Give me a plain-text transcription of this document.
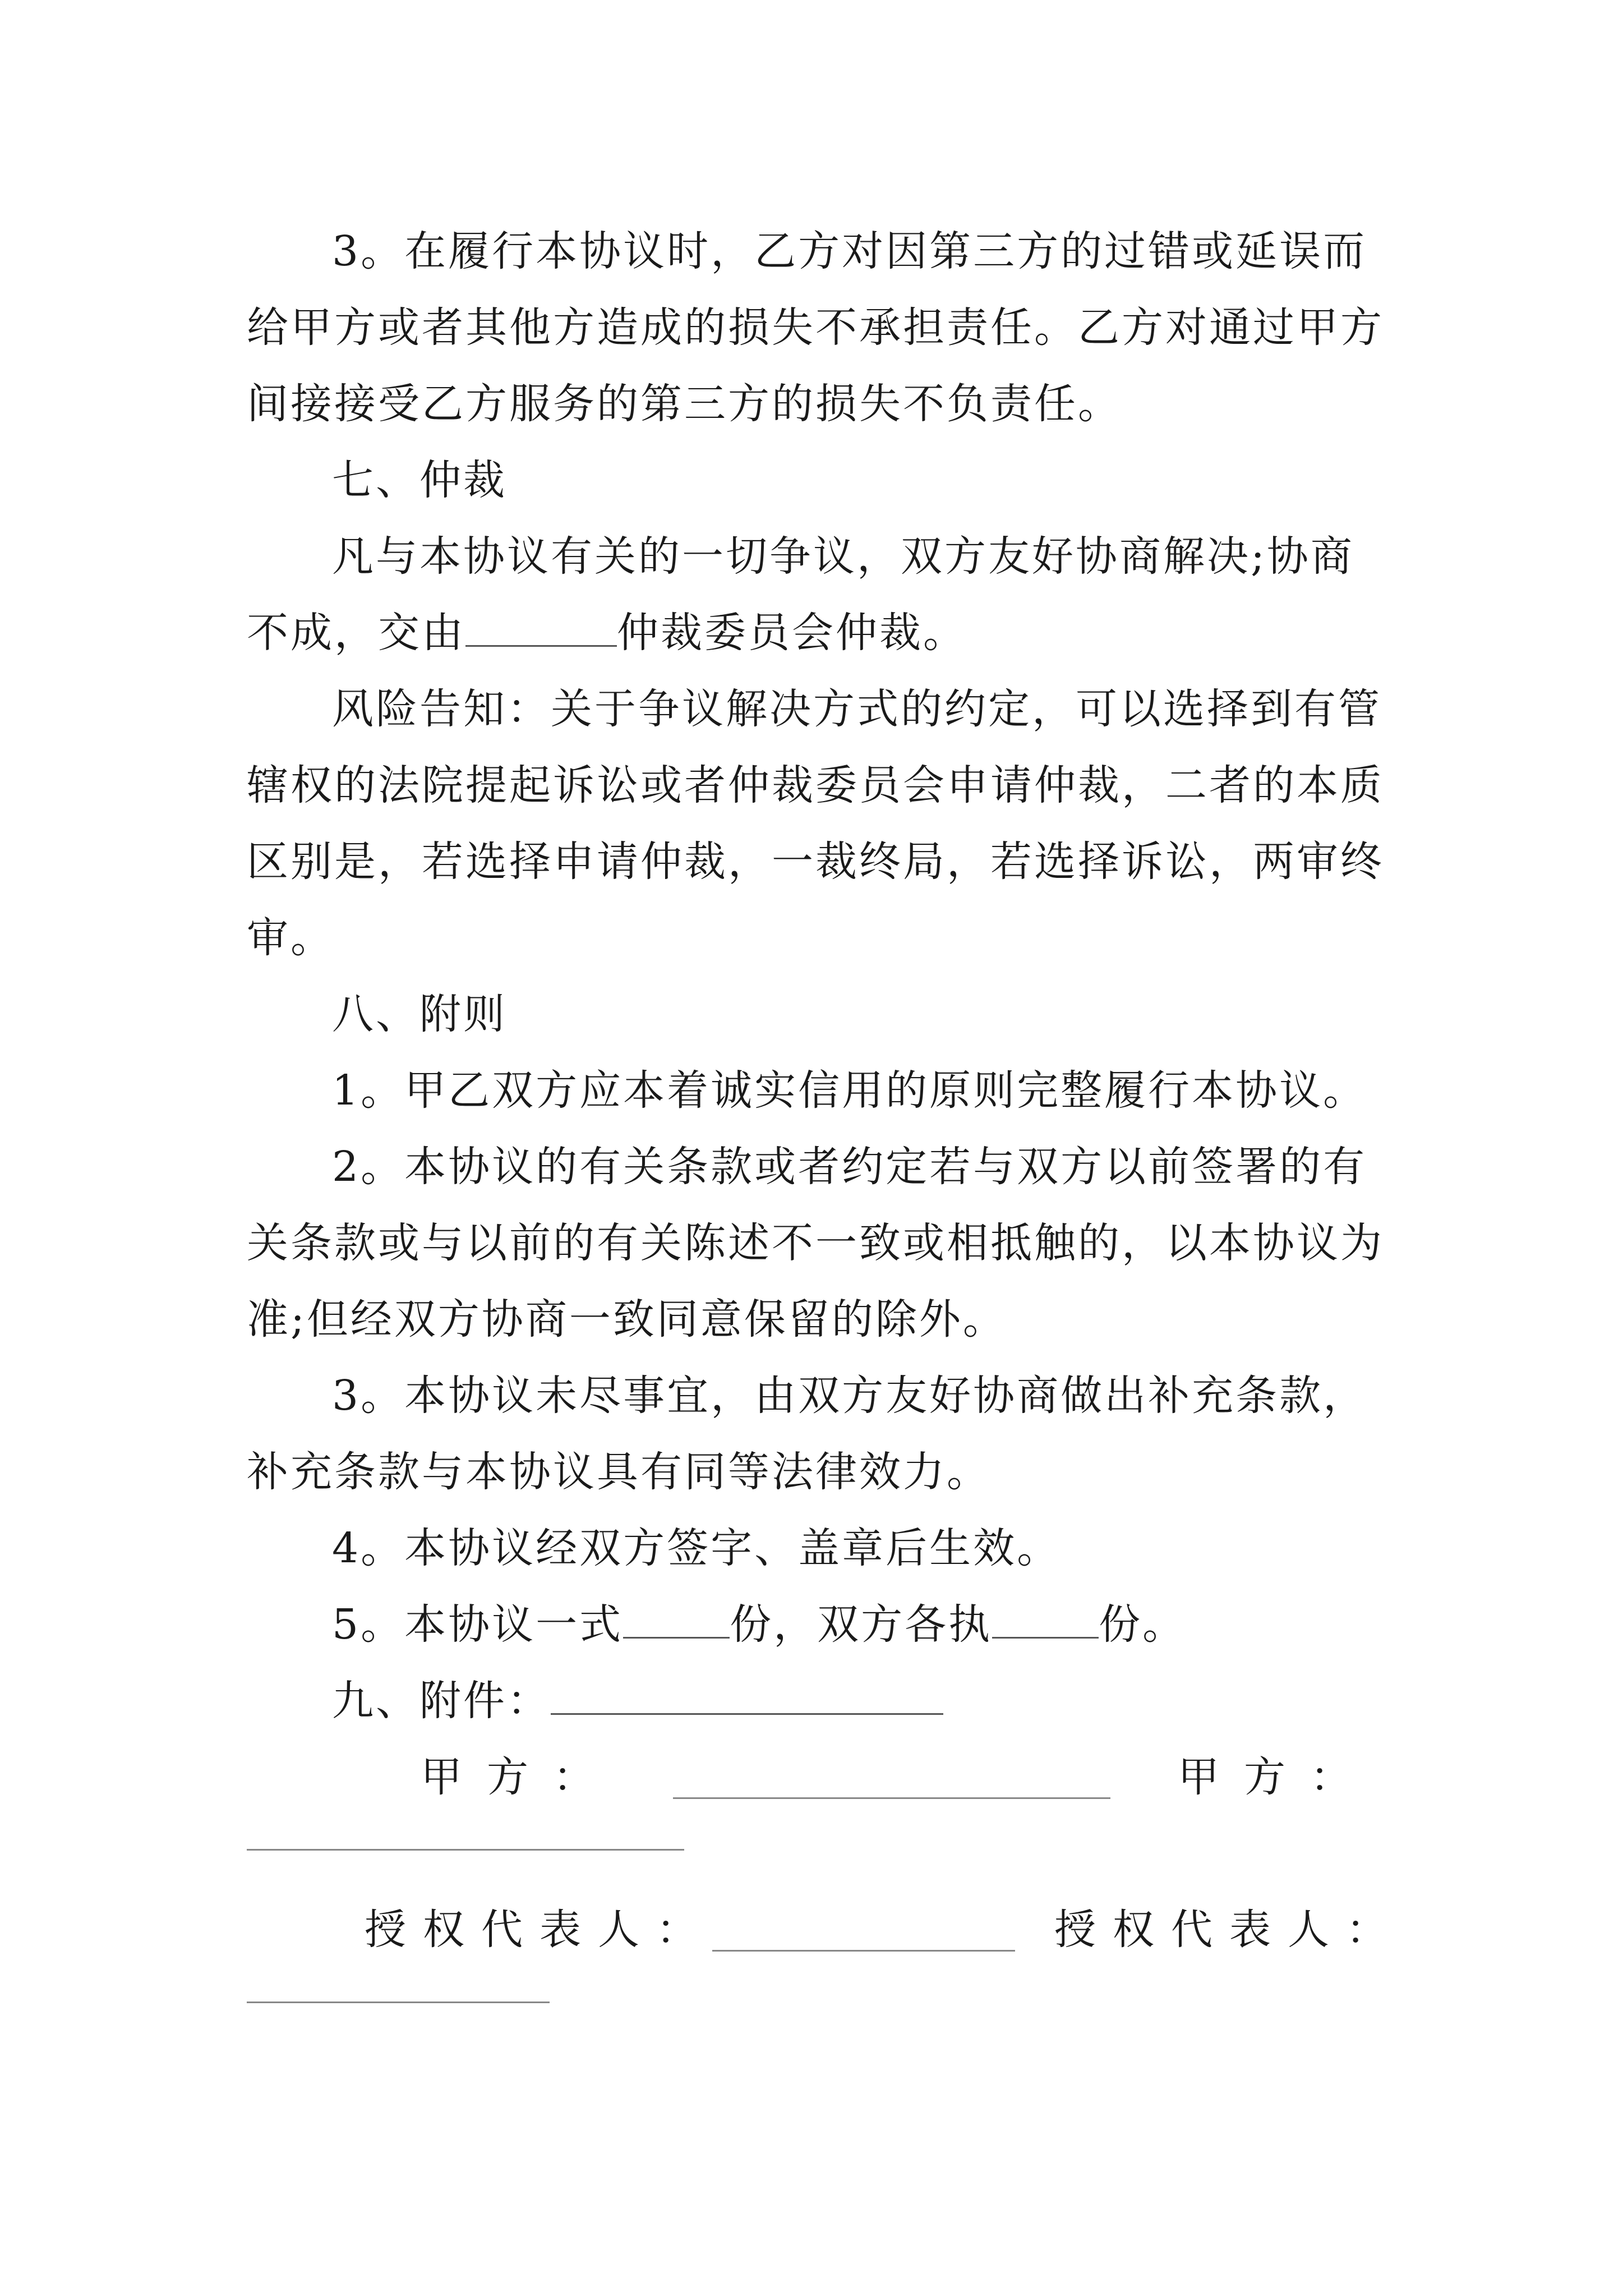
3。在履行本协议时，乙方对因第三方的过错或延误而给甲方或者其他方造成的损失不承担责任。乙方对通过甲方间接接受乙方服务的第三方的损失不负责任。

七、仲裁

凡与本协议有关的一切争议，双方友好协商解决;协商不成，交由	仲裁委员会仲裁。

风险告知：关于争议解决方式的约定，可以选择到有管辖权的法院提起诉讼或者仲裁委员会申请仲裁，二者的本质区别是，若选择申请仲裁，一裁终局，若选择诉讼，两审终审。

八、附则

1。甲乙双方应本着诚实信用的原则完整履行本协议。

2。本协议的有关条款或者约定若与双方以前签署的有关条款或与以前的有关陈述不一致或相抵触的，以本协议为准;但经双方协商一致同意保留的除外。

3。本协议未尽事宜，由双方友好协商做出补充条款，补充条款与本协议具有同等法律效力。

4。本协议经双方签字、盖章后生效。

5。本协议一式	份，双方各执	份。

九、附件：

甲方：	甲方：
授权代表人：	授权代表人：
